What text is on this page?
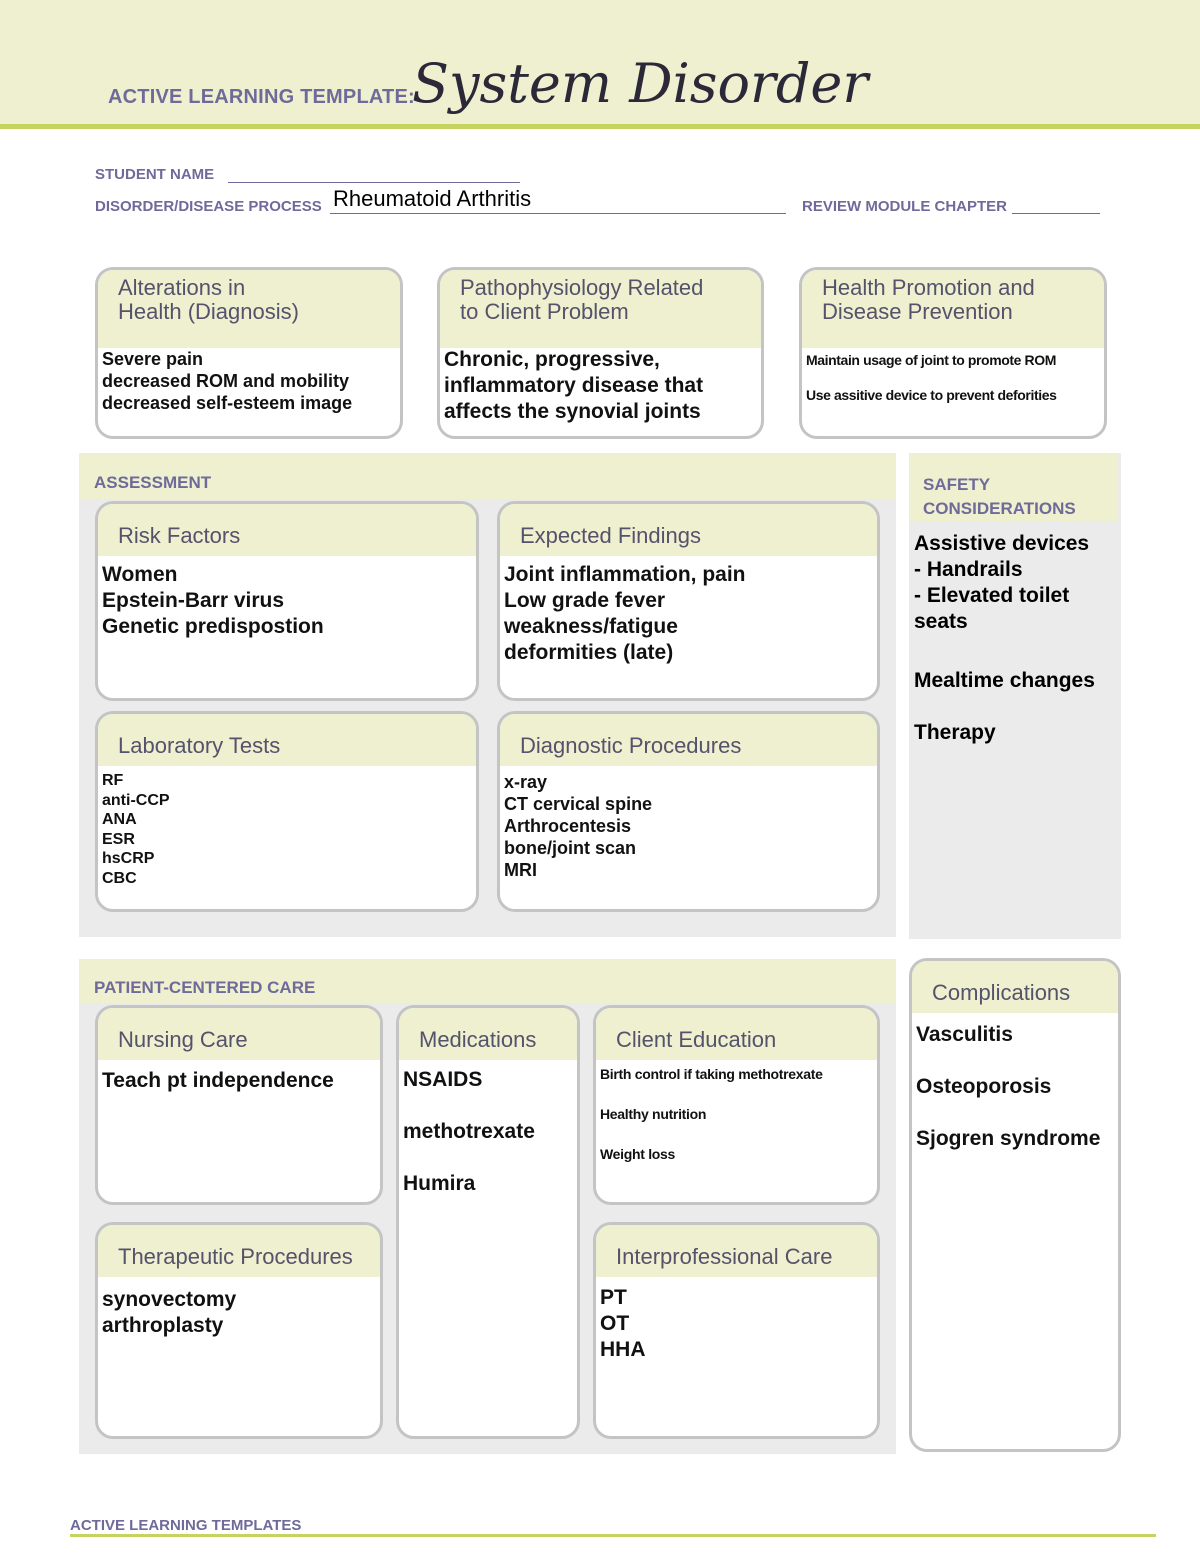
ACTIVE LEARNING TEMPLATE:
System Disorder
STUDENT NAME
DISORDER/DISEASE PROCESS Rheumatoid Arthritis	REVIEW MODULE CHAPTER
Alterations in
Health (Diagnosis)
Severe pain
decreased ROM and mobility
decreased self-esteem image
Pathophysiology Related
to Client Problem
Chronic, progressive,
inflammatory disease that
affects the synovial joints
Health Promotion and
Disease Prevention
Maintain usage of joint to promote ROM
Use assitive device to prevent deforities
ASSESSMENT
Risk Factors
Women
Epstein-Barr virus
Genetic predispostion
Expected Findings
Joint inflammation, pain
Low grade fever
weakness/fatigue
deformities (late)
Laboratory Tests
RF
anti-CCP
ANA
ESR
hsCRP
CBC
Diagnostic Procedures
x-ray
CT cervical spine
Arthrocentesis
bone/joint scan
MRI
SAFETY
CONSIDERATIONS
Assistive devices
- Handrails
- Elevated toilet
seats
Mealtime changes
Therapy
PATIENT-CENTERED CARE
Nursing Care
Teach pt independence
Medications
NSAIDS
methotrexate
Humira
Client Education
Birth control if taking methotrexate
Healthy nutrition
Weight loss
Therapeutic Procedures
synovectomy
arthroplasty
Interprofessional Care
PT
OT
HHA
Complications
Vasculitis
Osteoporosis
Sjogren syndrome
ACTIVE LEARNING TEMPLATES
